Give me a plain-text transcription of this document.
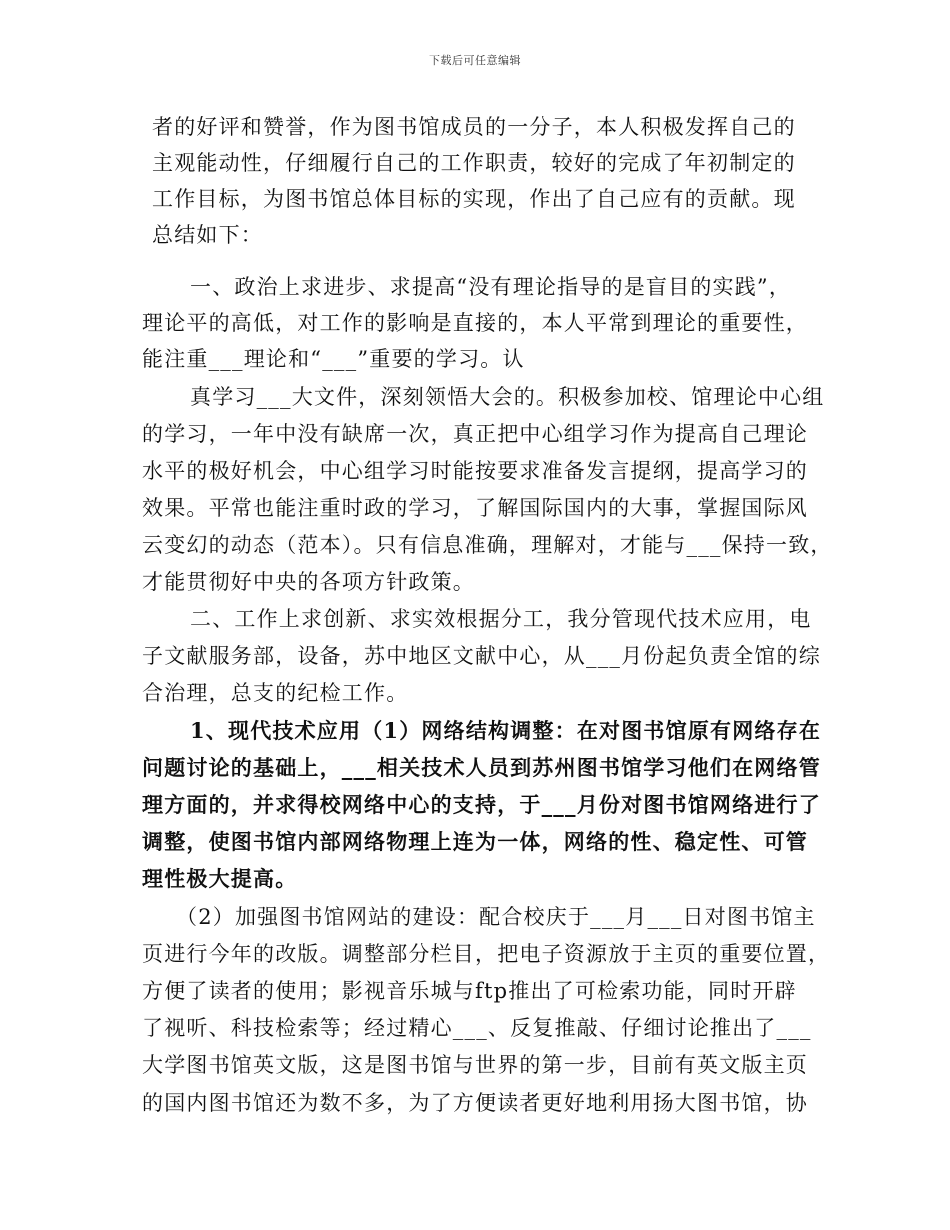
下载后可任意编辑
者的好评和赞誉，作为图书馆成员的一分子，本人积极发挥自己的
主观能动性，仔细履行自己的工作职责，较好的完成了年初制定的
工作目标，为图书馆总体目标的实现，作出了自己应有的贡献。现
总结如下：
一、政治上求进步、求提高“没有理论指导的是盲目的实践”，
理论平的高低，对工作的影响是直接的，本人平常到理论的重要性，
能注重___理论和“___”重要的学习。认
真学习___大文件，深刻领悟大会的。积极参加校、馆理论中心组
的学习，一年中没有缺席一次，真正把中心组学习作为提高自己理论
水平的极好机会，中心组学习时能按要求准备发言提纲，提高学习的
效果。平常也能注重时政的学习，了解国际国内的大事，掌握国际风
云变幻的动态（范本）。只有信息准确，理解对，才能与___保持一致，
才能贯彻好中央的各项方针政策。
二、工作上求创新、求实效根据分工，我分管现代技术应用，电
子文献服务部，设备，苏中地区文献中心，从___月份起负责全馆的综
合治理，总支的纪检工作。
1、现代技术应用（1）网络结构调整：在对图书馆原有网络存在
问题讨论的基础上，___相关技术人员到苏州图书馆学习他们在网络管
理方面的，并求得校网络中心的支持，于___月份对图书馆网络进行了
调整，使图书馆内部网络物理上连为一体，网络的性、稳定性、可管
理性极大提高。
（2）加强图书馆网站的建设：配合校庆于___月___日对图书馆主
页进行今年的改版。调整部分栏目，把电子资源放于主页的重要位置，
方便了读者的使用；影视音乐城与ftp推出了可检索功能，同时开辟
了视听、科技检索等；经过精心___、反复推敲、仔细讨论推出了___
大学图书馆英文版，这是图书馆与世界的第一步，目前有英文版主页
的国内图书馆还为数不多，为了方便读者更好地利用扬大图书馆，协
